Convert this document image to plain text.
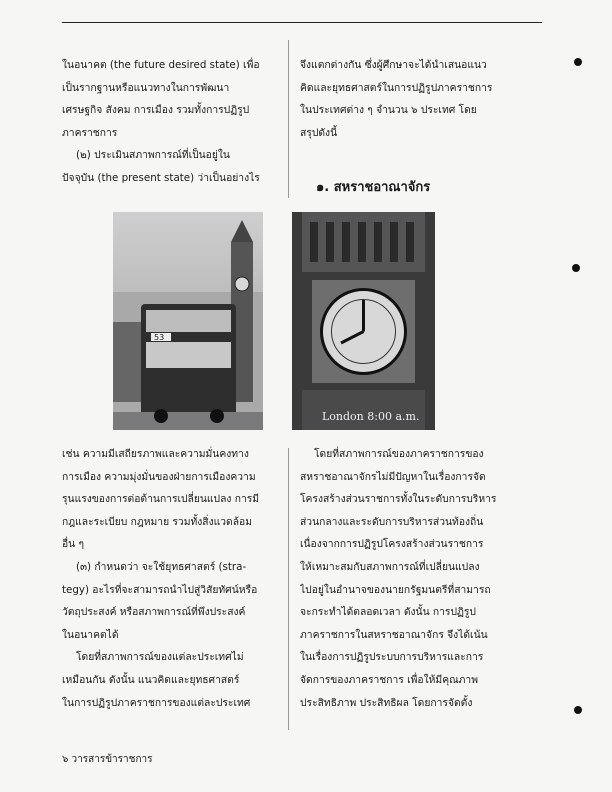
ในอนาคต (the future desired state) เพื่อ
เป็นรากฐานหรือแนวทางในการพัฒนา
เศรษฐกิจ สังคม การเมือง รวมทั้งการปฏิรูป
ภาคราชการ
(๒) ประเมินสภาพการณ์ที่เป็นอยู่ใน
ปัจจุบัน (the present state) ว่าเป็นอย่างไร
จึงแตกต่างกัน ซึ่งผู้ศึกษาจะได้นำเสนอแนว
คิดและยุทธศาสตร์ในการปฏิรูปภาคราชการ
ในประเทศต่าง ๆ จำนวน ๖ ประเทศ โดย
สรุปดังนี้
๑. สหราชอาณาจักร
53
London 8:00 a.m.
เช่น ความมีเสถียรภาพและความมั่นคงทาง
การเมือง ความมุ่งมั่นของฝ่ายการเมืองความ
รุนแรงของการต่อต้านการเปลี่ยนแปลง การมี
กฎและระเบียบ กฎหมาย รวมทั้งสิ่งแวดล้อม
อื่น ๆ
(๓) กำหนดว่า จะใช้ยุทธศาสตร์ (stra-
tegy) อะไรที่จะสามารถนำไปสู่วิสัยทัศน์หรือ
วัตถุประสงค์ หรือสภาพการณ์ที่พึงประสงค์
ในอนาคตได้
โดยที่สภาพการณ์ของแต่ละประเทศไม่
เหมือนกัน ดังนั้น แนวคิดและยุทธศาสตร์
ในการปฏิรูปภาคราชการของแต่ละประเทศ
โดยที่สภาพการณ์ของภาคราชการของ
สหราชอาณาจักรไม่มีปัญหาในเรื่องการจัด
โครงสร้างส่วนราชการทั้งในระดับการบริหาร
ส่วนกลางและระดับการบริหารส่วนท้องถิ่น
เนื่องจากการปฏิรูปโครงสร้างส่วนราชการ
ให้เหมาะสมกับสภาพการณ์ที่เปลี่ยนแปลง
ไปอยู่ในอำนาจของนายกรัฐมนตรีที่สามารถ
จะกระทำได้ตลอดเวลา ดังนั้น การปฏิรูป
ภาคราชการในสหราชอาณาจักร จึงได้เน้น
ในเรื่องการปฏิรูประบบการบริหารและการ
จัดการของภาคราชการ เพื่อให้มีคุณภาพ
ประสิทธิภาพ ประสิทธิผล โดยการจัดตั้ง
๖ วารสารข้าราชการ
